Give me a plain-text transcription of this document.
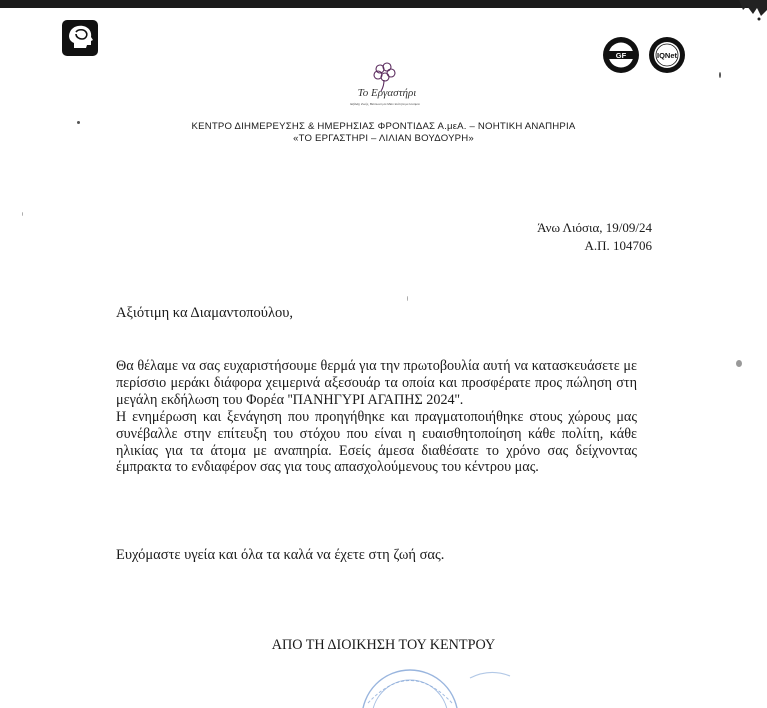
GF	IQNet
Το Εργαστήρι
Εξέλιξη Ζωής, Βελτίωση σε Μίαν Ισότητα με Ισοτιμία
ΚΕΝΤΡΟ ΔΙΗΜΕΡΕΥΣΗΣ & ΗΜΕΡΗΣΙΑΣ ΦΡΟΝΤΙΔΑΣ Α.μεΑ. – ΝΟΗΤΙΚΗ ΑΝΑΠΗΡΙΑ
«ΤΟ ΕΡΓΑΣΤΗΡΙ – ΛΙΛΙΑΝ ΒΟΥΔΟΥΡΗ»
Άνω Λιόσια, 19/09/24
Α.Π. 104706
Αξιότιμη κα Διαμαντοπούλου,

Θα θέλαμε να σας ευχαριστήσουμε θερμά για την πρωτοβουλία αυτή να κατασκευάσετε με περίσσιο μεράκι διάφορα χειμερινά αξεσουάρ τα οποία και προσφέρατε προς πώληση στη μεγάλη εκδήλωση του Φορέα ''ΠΑΝΗΓΥΡΙ ΑΓΑΠΗΣ 2024''.

Η ενημέρωση και ξενάγηση που προηγήθηκε και πραγματοποιήθηκε στους χώρους μας συνέβαλλε στην επίτευξη του στόχου που είναι η ευαισθητοποίηση κάθε πολίτη, κάθε ηλικίας για τα άτομα με αναπηρία. Εσείς άμεσα διαθέσατε το χρόνο σας δείχνοντας έμπρακτα το ενδιαφέρον σας για τους απασχολούμενους του κέντρου μας.

Ευχόμαστε υγεία και όλα τα καλά να έχετε στη ζωή σας.
ΑΠΟ ΤΗ ΔΙΟΙΚΗΣΗ ΤΟΥ ΚΕΝΤΡΟΥ
